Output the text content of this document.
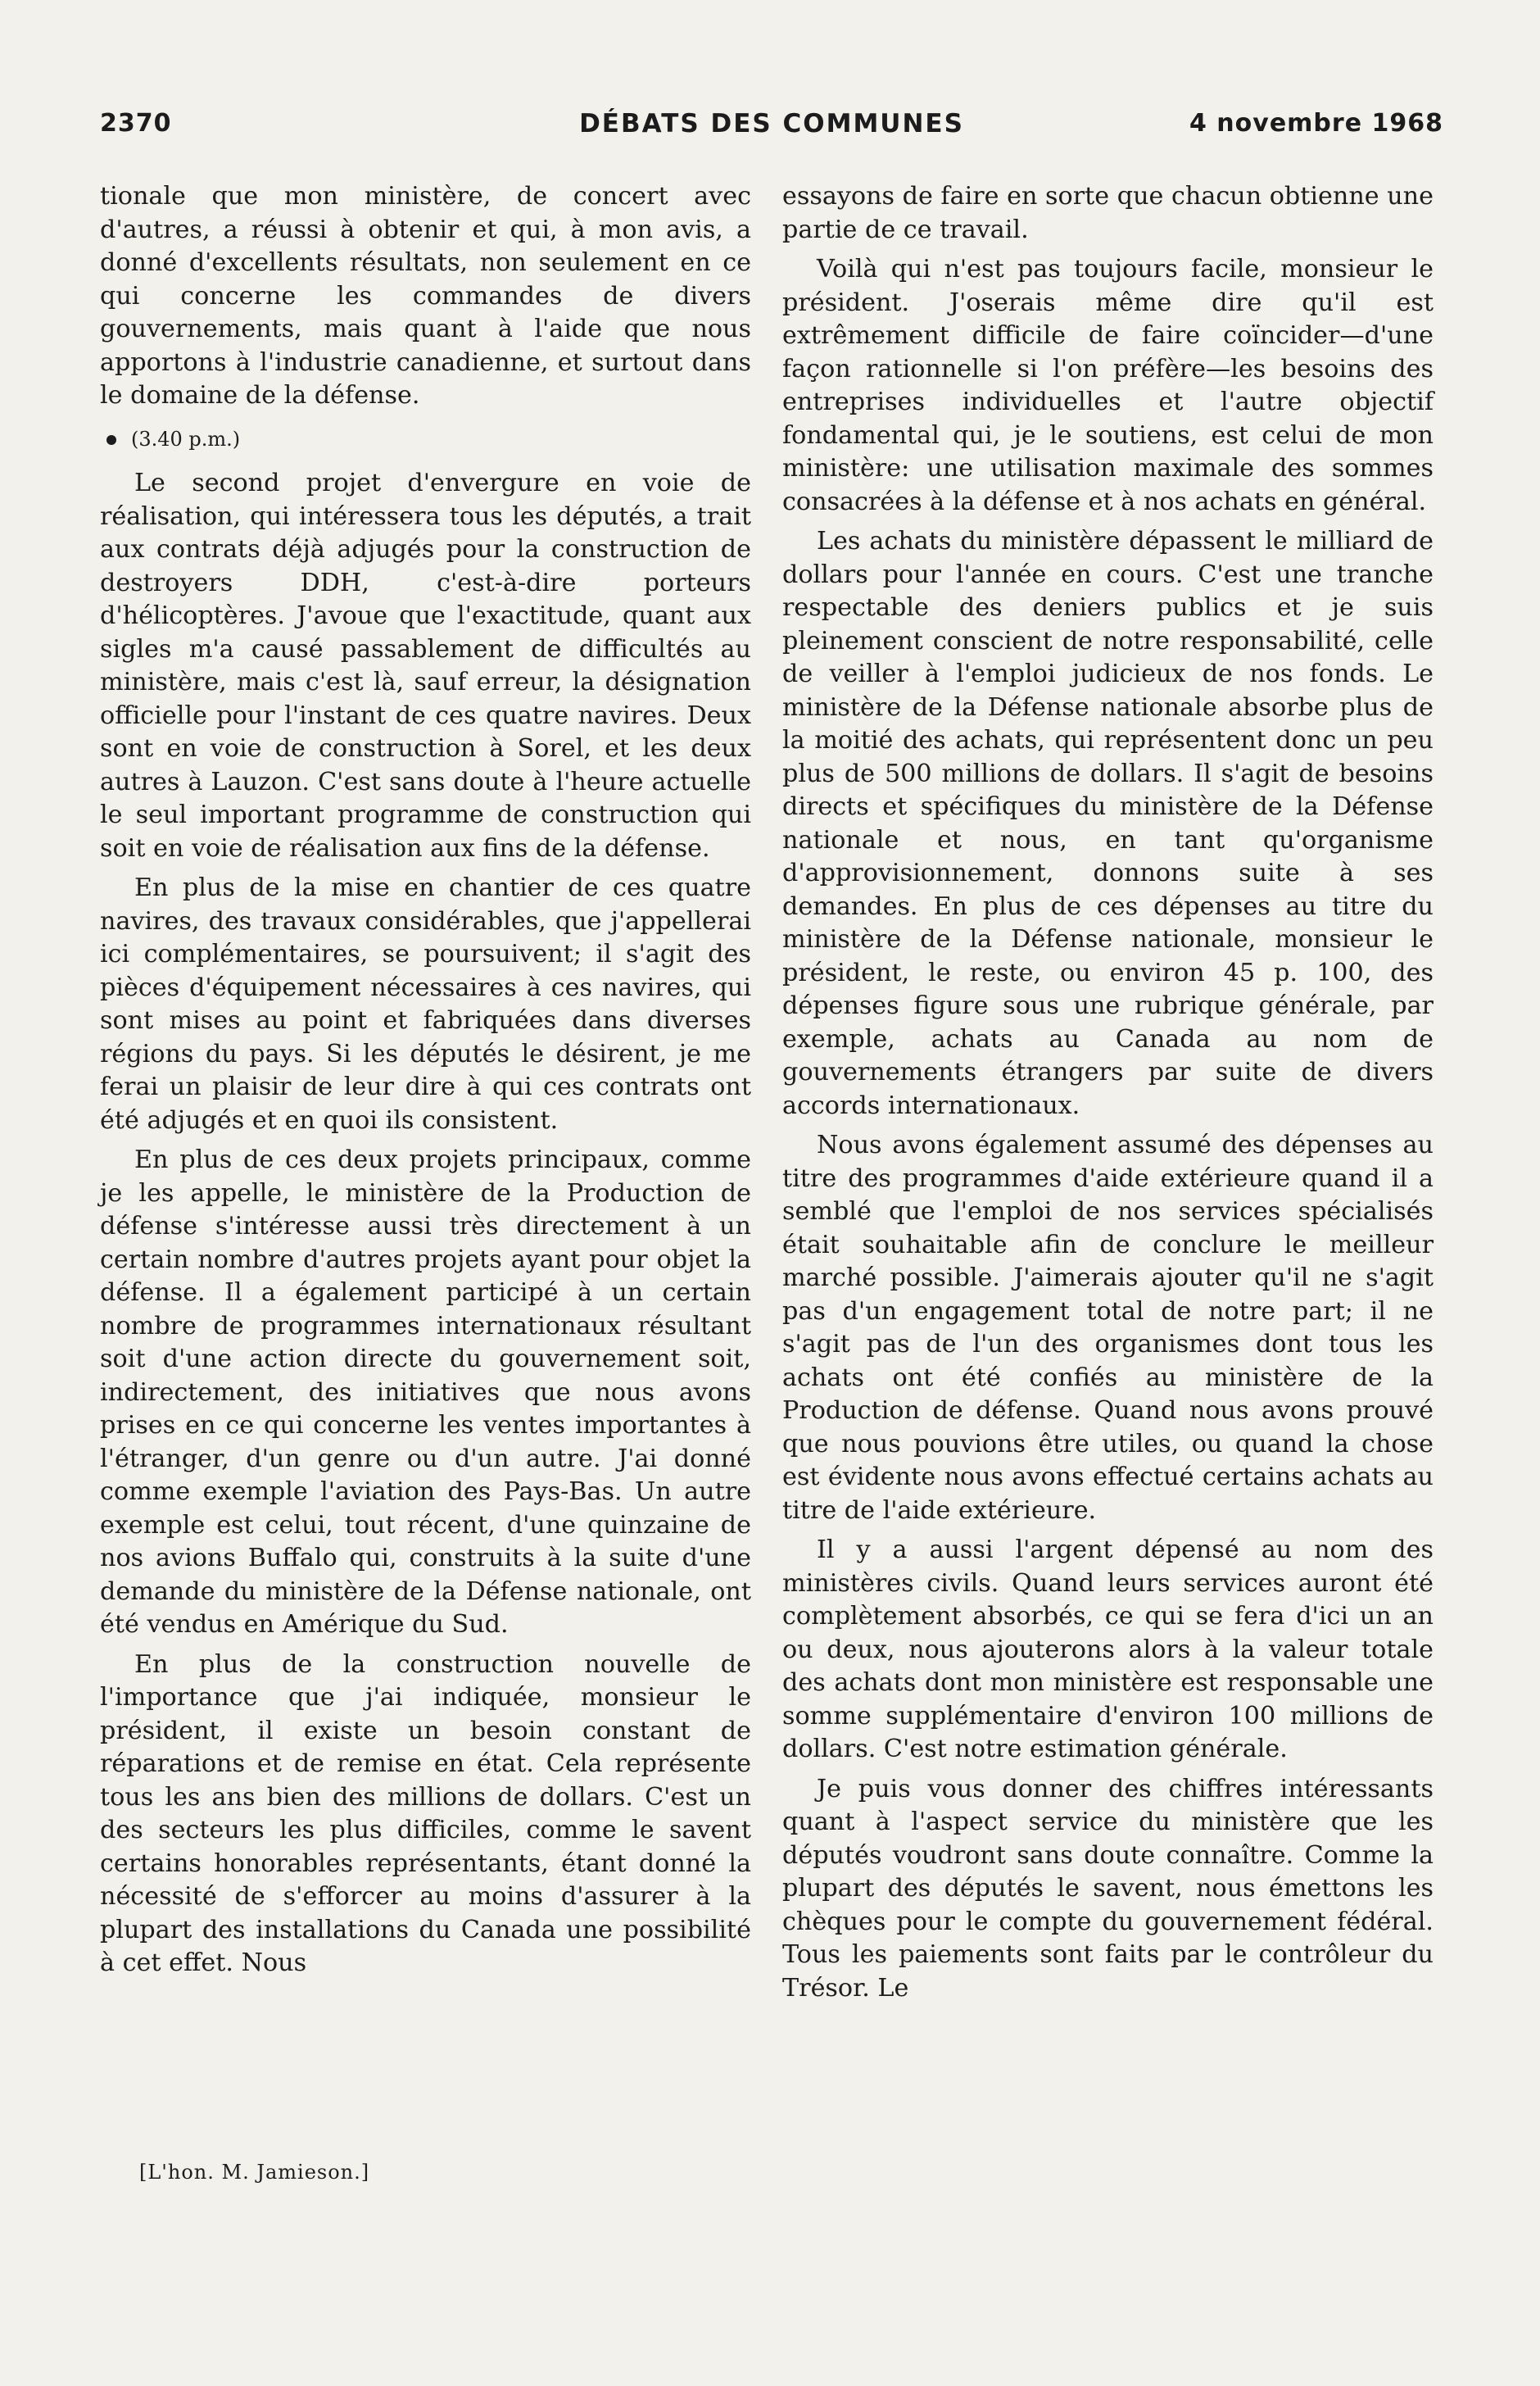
2370	DÉBATS DES COMMUNES	4 novembre 1968

tionale que mon ministère, de concert avec d'autres, a réussi à obtenir et qui, à mon avis, a donné d'excellents résultats, non seulement en ce qui concerne les commandes de divers gouvernements, mais quant à l'aide que nous apportons à l'industrie canadienne, et surtout dans le domaine de la défense.

(3.40 p.m.)

Le second projet d'envergure en voie de réalisation, qui intéressera tous les députés, a trait aux contrats déjà adjugés pour la construction de destroyers DDH, c'est-à-dire porteurs d'hélicoptères. J'avoue que l'exactitude, quant aux sigles m'a causé passablement de difficultés au ministère, mais c'est là, sauf erreur, la désignation officielle pour l'instant de ces quatre navires. Deux sont en voie de construction à Sorel, et les deux autres à Lauzon. C'est sans doute à l'heure actuelle le seul important programme de construction qui soit en voie de réalisation aux fins de la défense.

En plus de la mise en chantier de ces quatre navires, des travaux considérables, que j'appellerai ici complémentaires, se poursuivent; il s'agit des pièces d'équipement nécessaires à ces navires, qui sont mises au point et fabriquées dans diverses régions du pays. Si les députés le désirent, je me ferai un plaisir de leur dire à qui ces contrats ont été adjugés et en quoi ils consistent.

En plus de ces deux projets principaux, comme je les appelle, le ministère de la Production de défense s'intéresse aussi très directement à un certain nombre d'autres projets ayant pour objet la défense. Il a également participé à un certain nombre de programmes internationaux résultant soit d'une action directe du gouvernement soit, indirectement, des initiatives que nous avons prises en ce qui concerne les ventes importantes à l'étranger, d'un genre ou d'un autre. J'ai donné comme exemple l'aviation des Pays-Bas. Un autre exemple est celui, tout récent, d'une quinzaine de nos avions Buffalo qui, construits à la suite d'une demande du ministère de la Défense nationale, ont été vendus en Amérique du Sud.

En plus de la construction nouvelle de l'importance que j'ai indiquée, monsieur le président, il existe un besoin constant de réparations et de remise en état. Cela représente tous les ans bien des millions de dollars. C'est un des secteurs les plus difficiles, comme le savent certains honorables représentants, étant donné la nécessité de s'efforcer au moins d'assurer à la plupart des installations du Canada une possibilité à cet effet. Nous

essayons de faire en sorte que chacun obtienne une partie de ce travail.

Voilà qui n'est pas toujours facile, monsieur le président. J'oserais même dire qu'il est extrêmement difficile de faire coïncider—d'une façon rationnelle si l'on préfère—les besoins des entreprises individuelles et l'autre objectif fondamental qui, je le soutiens, est celui de mon ministère: une utilisation maximale des sommes consacrées à la défense et à nos achats en général.

Les achats du ministère dépassent le milliard de dollars pour l'année en cours. C'est une tranche respectable des deniers publics et je suis pleinement conscient de notre responsabilité, celle de veiller à l'emploi judicieux de nos fonds. Le ministère de la Défense nationale absorbe plus de la moitié des achats, qui représentent donc un peu plus de 500 millions de dollars. Il s'agit de besoins directs et spécifiques du ministère de la Défense nationale et nous, en tant qu'organisme d'approvisionnement, donnons suite à ses demandes. En plus de ces dépenses au titre du ministère de la Défense nationale, monsieur le président, le reste, ou environ 45 p. 100, des dépenses figure sous une rubrique générale, par exemple, achats au Canada au nom de gouvernements étrangers par suite de divers accords internationaux.

Nous avons également assumé des dépenses au titre des programmes d'aide extérieure quand il a semblé que l'emploi de nos services spécialisés était souhaitable afin de conclure le meilleur marché possible. J'aimerais ajouter qu'il ne s'agit pas d'un engagement total de notre part; il ne s'agit pas de l'un des organismes dont tous les achats ont été confiés au ministère de la Production de défense. Quand nous avons prouvé que nous pouvions être utiles, ou quand la chose est évidente nous avons effectué certains achats au titre de l'aide extérieure.

Il y a aussi l'argent dépensé au nom des ministères civils. Quand leurs services auront été complètement absorbés, ce qui se fera d'ici un an ou deux, nous ajouterons alors à la valeur totale des achats dont mon ministère est responsable une somme supplémentaire d'environ 100 millions de dollars. C'est notre estimation générale.

Je puis vous donner des chiffres intéressants quant à l'aspect service du ministère que les députés voudront sans doute connaître. Comme la plupart des députés le savent, nous émettons les chèques pour le compte du gouvernement fédéral. Tous les paiements sont faits par le contrôleur du Trésor. Le

[L'hon. M. Jamieson.]
